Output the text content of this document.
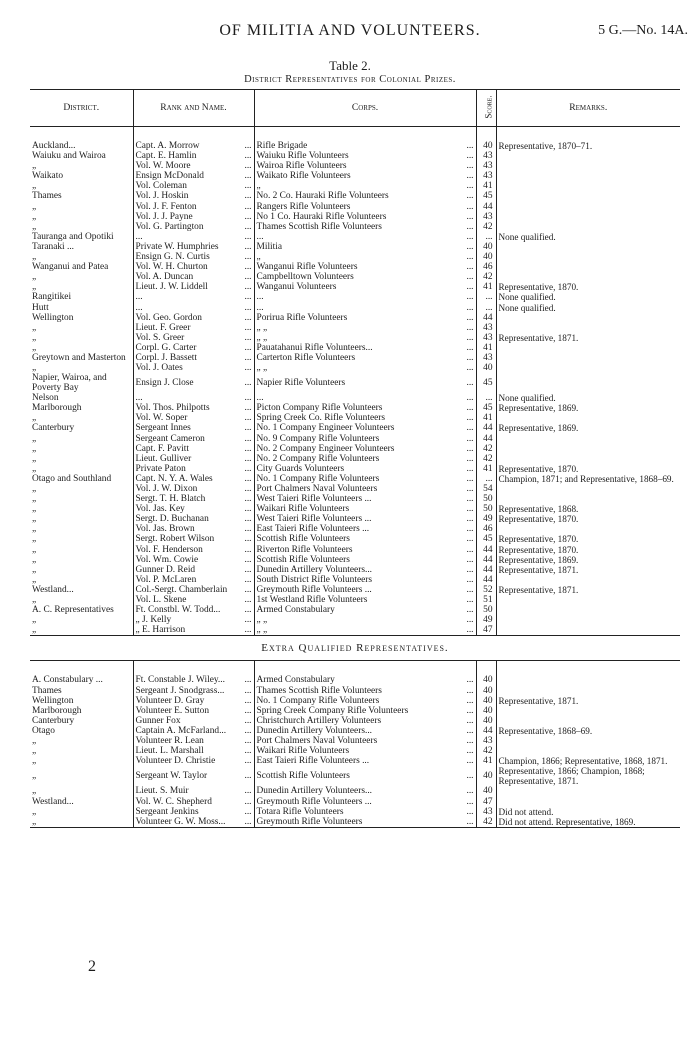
OF MILITIA AND VOLUNTEERS.	5 G.—No. 14A.
Table 2.
District Representatives for Colonial Prizes.
District.	Rank and Name.	Corps.	Score.	Remarks.

Auckland...	Capt. A. Morrow ...	Rifle Brigade ...	40	Representative, 1870–71.

Waiuku and Wairoa	Capt. E. Hamlin ...	Waiuku Rifle Volunteers ...	43	

„	Vol. W. Moore ...	Wairoa Rifle Volunteers ...	43	

Waikato	Ensign McDonald ...	Waikato Rifle Volunteers ...	43	

„	Vol. Coleman ...	„ ...	41	

Thames	Vol. J. Hoskin ...	No. 2 Co. Hauraki Rifle Volunteers ...	45	

„	Vol. J. F. Fenton ...	Rangers Rifle Volunteers ...	44	

„	Vol. J. J. Payne ...	No 1 Co. Hauraki Rifle Volunteers ...	43	

„	Vol. G. Partington ...	Thames Scottish Rifle Volunteers ...	42	

Tauranga and Opotiki	... ...	... ...	...	None qualified.

Taranaki ...	Private W. Humphries ...	Militia ...	40	

„	Ensign G. N. Curtis ...	„ ...	40	

Wanganui and Patea	Vol. W. H. Churton ...	Wanganui Rifle Volunteers ...	46	

„	Vol. A. Duncan ...	Campbelltown Volunteers ...	42	

„	Lieut. J. W. Liddell ...	Wanganui Volunteers ...	41	Representative, 1870.

Rangitikei	... ...	... ...	...	None qualified.

Hutt	... ...	... ...	...	None qualified.

Wellington	Vol. Geo. Gordon ...	Porirua Rifle Volunteers ...	44	

„	Lieut. F. Greer ...	„ „ ...	43	

„	Vol. S. Greer ...	„ „ ...	43	Representative, 1871.

„	Corpl. G. Carter ...	Pauatahanui Rifle Volunteers... ...	41	

Greytown and Masterton	Corpl. J. Bassett ...	Carterton Rifle Volunteers ...	43	

„	Vol. J. Oates ...	„ „ ...	40	

Napier, Wairoa, and Poverty Bay	Ensign J. Close ...	Napier Rifle Volunteers ...	45	

Nelson	... ...	... ...	...	None qualified.

Marlborough	Vol. Thos. Philpotts ...	Picton Company Rifle Volunteers ...	45	Representative, 1869.

„	Vol. W. Soper ...	Spring Creek Co. Rifle Volunteers ...	41	

Canterbury	Sergeant Innes ...	No. 1 Company Engineer Volunteers ...	44	Representative, 1869.

„	Sergeant Cameron ...	No. 9 Company Rifle Volunteers ...	44	

„	Capt. F. Pavitt ...	No. 2 Company Engineer Volunteers ...	42	

„	Lieut. Gulliver ...	No. 2 Company Rifle Volunteers ...	42	

„	Private Paton ...	City Guards Volunteers ...	41	Representative, 1870.

Otago and Southland	Capt. N. Y. A. Wales ...	No. 1 Company Rifle Volunteers ...	...	Champion, 1871; and Representative, 1868–69.

„	Vol. J. W. Dixon ...	Port Chalmers Naval Volunteers ...	54	

„	Sergt. T. H. Blatch ...	West Taieri Rifle Volunteers ... ...	50	

„	Vol. Jas. Key ...	Waikari Rifle Volunteers ...	50	Representative, 1868.

„	Sergt. D. Buchanan ...	West Taieri Rifle Volunteers ... ...	49	Representative, 1870.

„	Vol. Jas. Brown ...	East Taieri Rifle Volunteers ... ...	46	

„	Sergt. Robert Wilson ...	Scottish Rifle Volunteers ...	45	Representative, 1870.

„	Vol. F. Henderson ...	Riverton Rifle Volunteers ...	44	Representative, 1870.

„	Vol. Wm. Cowie ...	Scottish Rifle Volunteers ...	44	Representative, 1869.

„	Gunner D. Reid ...	Dunedin Artillery Volunteers... ...	44	Representative, 1871.

„	Vol. P. McLaren ...	South District Rifle Volunteers ...	44	

Westland...	Col.-Sergt. Chamberlain ...	Greymouth Rifle Volunteers ... ...	52	Representative, 1871.

„	Vol. L. Skene ...	1st Westland Rifle Volunteers ...	51	

A. C. Representatives	Ft. Constbl. W. Todd... ...	Armed Constabulary ...	50	

„	„ J. Kelly ...	„ „ ...	49	

„	„ E. Harrison ...	„ „ ...	47	

Extra Qualified Representatives.				

A. Constabulary ...	Ft. Constable J. Wiley... ...	Armed Constabulary ...	40	

Thames	Sergeant J. Snodgrass... ...	Thames Scottish Rifle Volunteers ...	40	

Wellington	Volunteer D. Gray ...	No. 1 Company Rifle Volunteers ...	40	Representative, 1871.

Marlborough	Volunteer E. Sutton ...	Spring Creek Company Rifle Volunteers ...	40	

Canterbury	Gunner Fox ...	Christchurch Artillery Volunteers ...	40	

Otago	Captain A. McFarland... ...	Dunedin Artillery Volunteers... ...	44	Representative, 1868–69.

„	Volunteer R. Lean ...	Port Chalmers Naval Volunteers ...	43	

„	Lieut. L. Marshall ...	Waikari Rifle Volunteers ...	42	

„	Volunteer D. Christie ...	East Taieri Rifle Volunteers ... ...	41	Champion, 1866; Representative, 1868, 1871.

„	Sergeant W. Taylor ...	Scottish Rifle Volunteers ...	40	Representative, 1866; Champion, 1868; Representative, 1871.

„	Lieut. S. Muir ...	Dunedin Artillery Volunteers... ...	40	

Westland...	Vol. W. C. Shepherd ...	Greymouth Rifle Volunteers ... ...	47	

„	Sergeant Jenkins ...	Totara Rifle Volunteers ...	43	Did not attend.

„	Volunteer G. W. Moss... ...	Greymouth Rifle Volunteers ...	42	Did not attend. Representative, 1869.
2
